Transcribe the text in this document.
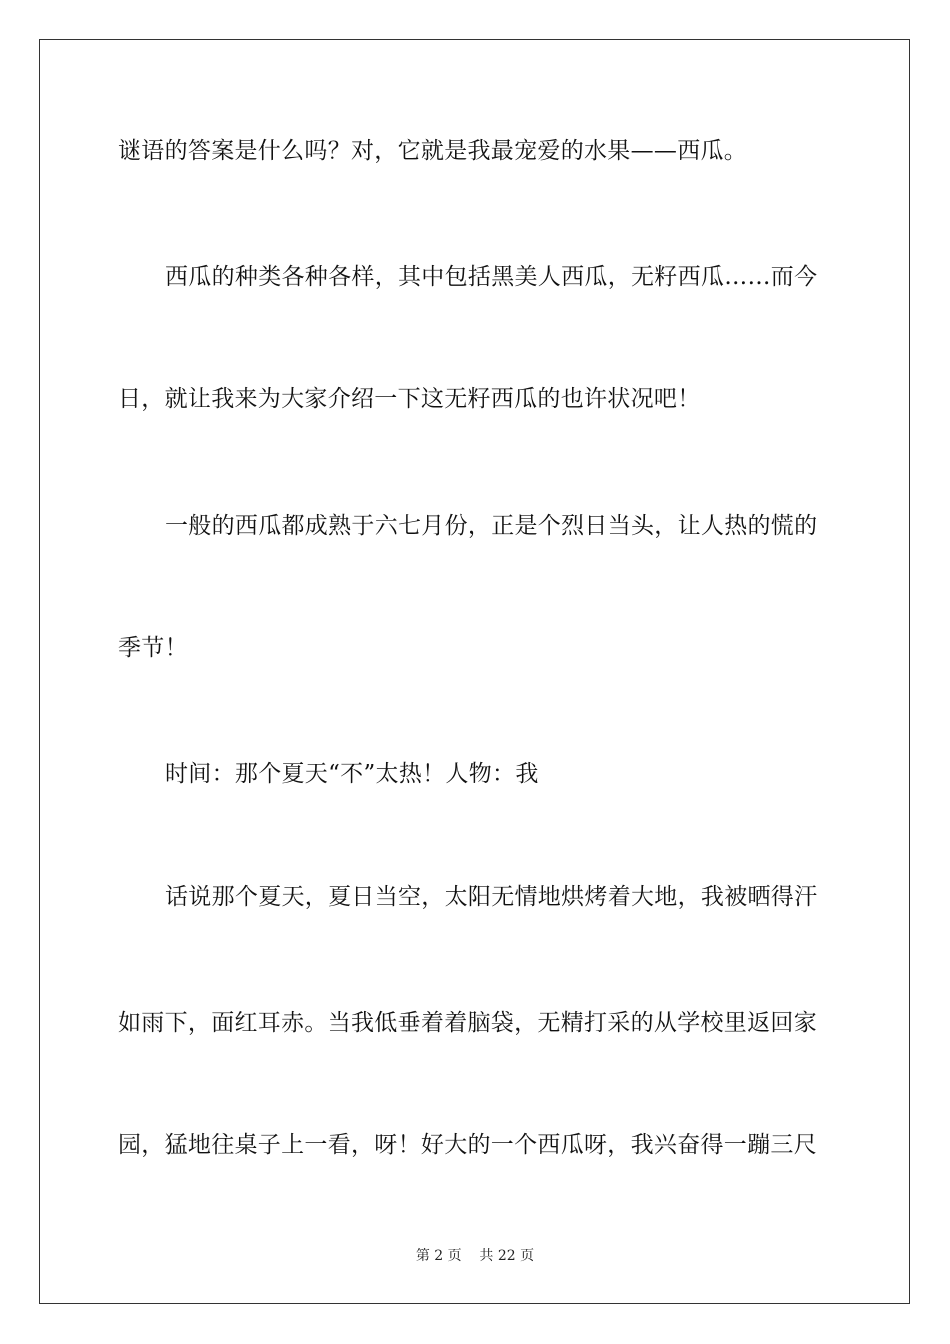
谜语的答案是什么吗？对，它就是我最宠爱的水果——西瓜。
西瓜的种类各种各样，其中包括黑美人西瓜，无籽西瓜……而今
日，就让我来为大家介绍一下这无籽西瓜的也许状况吧！
一般的西瓜都成熟于六七月份，正是个烈日当头，让人热的慌的
季节！
时间：那个夏天“不”太热！人物：我
话说那个夏天，夏日当空，太阳无情地烘烤着大地，我被晒得汗
如雨下，面红耳赤。当我低垂着着脑袋，无精打采的从学校里返回家
园，猛地往桌子上一看，呀！好大的一个西瓜呀，我兴奋得一蹦三尺
第 2 页    共 22 页
